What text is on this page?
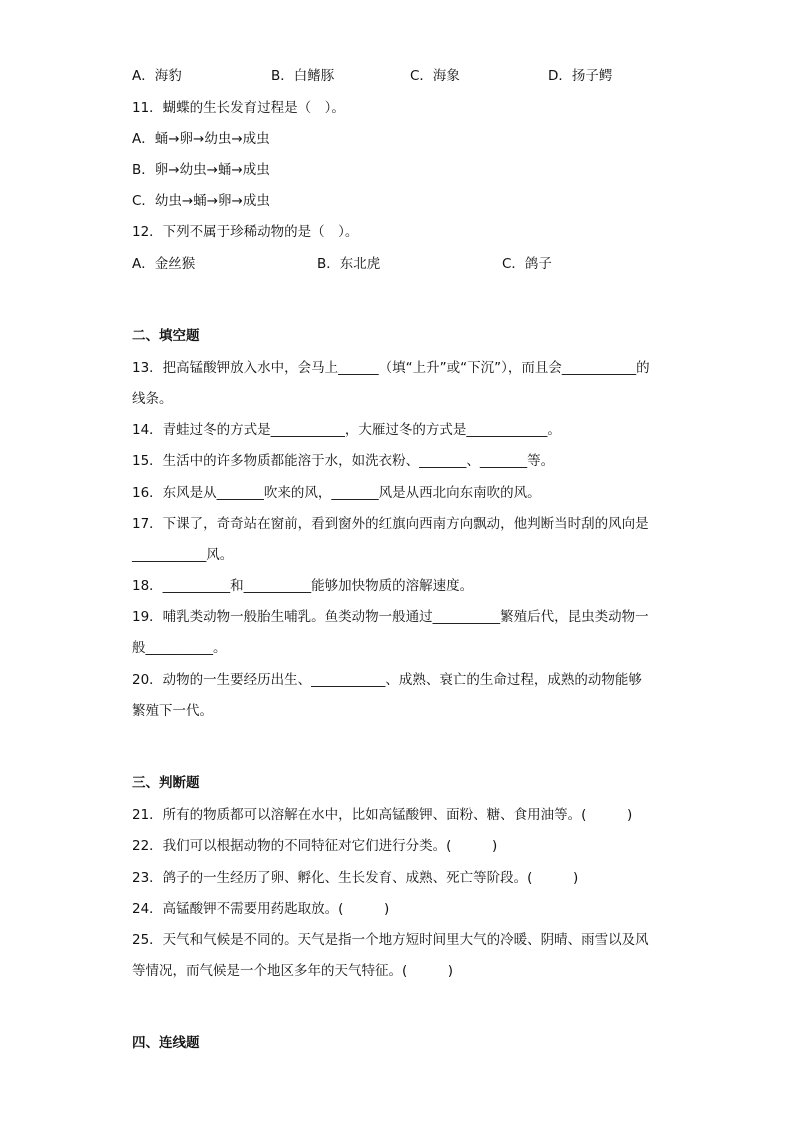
A．海豹	B．白鳍豚	C．海象	D．扬子鳄
11．蝴蝶的生长发育过程是（　）。
A．蛹→卵→幼虫→成虫
B．卵→幼虫→蛹→成虫
C．幼虫→蛹→卵→成虫
12．下列不属于珍稀动物的是（　）。
A．金丝猴	B．东北虎	C．鸽子
二、填空题
13．把高锰酸钾放入水中，会马上______（填“上升”或“下沉”），而且会___________的
线条。
14．青蛙过冬的方式是___________，大雁过冬的方式是____________。
15．生活中的许多物质都能溶于水，如洗衣粉、_______、_______等。
16．东风是从_______吹来的风，_______风是从西北向东南吹的风。
17．下课了，奇奇站在窗前，看到窗外的红旗向西南方向飘动，他判断当时刮的风向是
___________风。
18．__________和__________能够加快物质的溶解速度。
19．哺乳类动物一般胎生哺乳。鱼类动物一般通过__________繁殖后代，昆虫类动物一
般__________。
20．动物的一生要经历出生、___________、成熟、衰亡的生命过程，成熟的动物能够
繁殖下一代。
三、判断题
21．所有的物质都可以溶解在水中，比如高锰酸钾、面粉、糖、食用油等。(　　　)
22．我们可以根据动物的不同特征对它们进行分类。(　　　)
23．鸽子的一生经历了卵、孵化、生长发育、成熟、死亡等阶段。(　　　)
24．高锰酸钾不需要用药匙取放。(　　　)
25．天气和气候是不同的。天气是指一个地方短时间里大气的冷暖、阴晴、雨雪以及风
等情况，而气候是一个地区多年的天气特征。(　　　)
四、连线题
